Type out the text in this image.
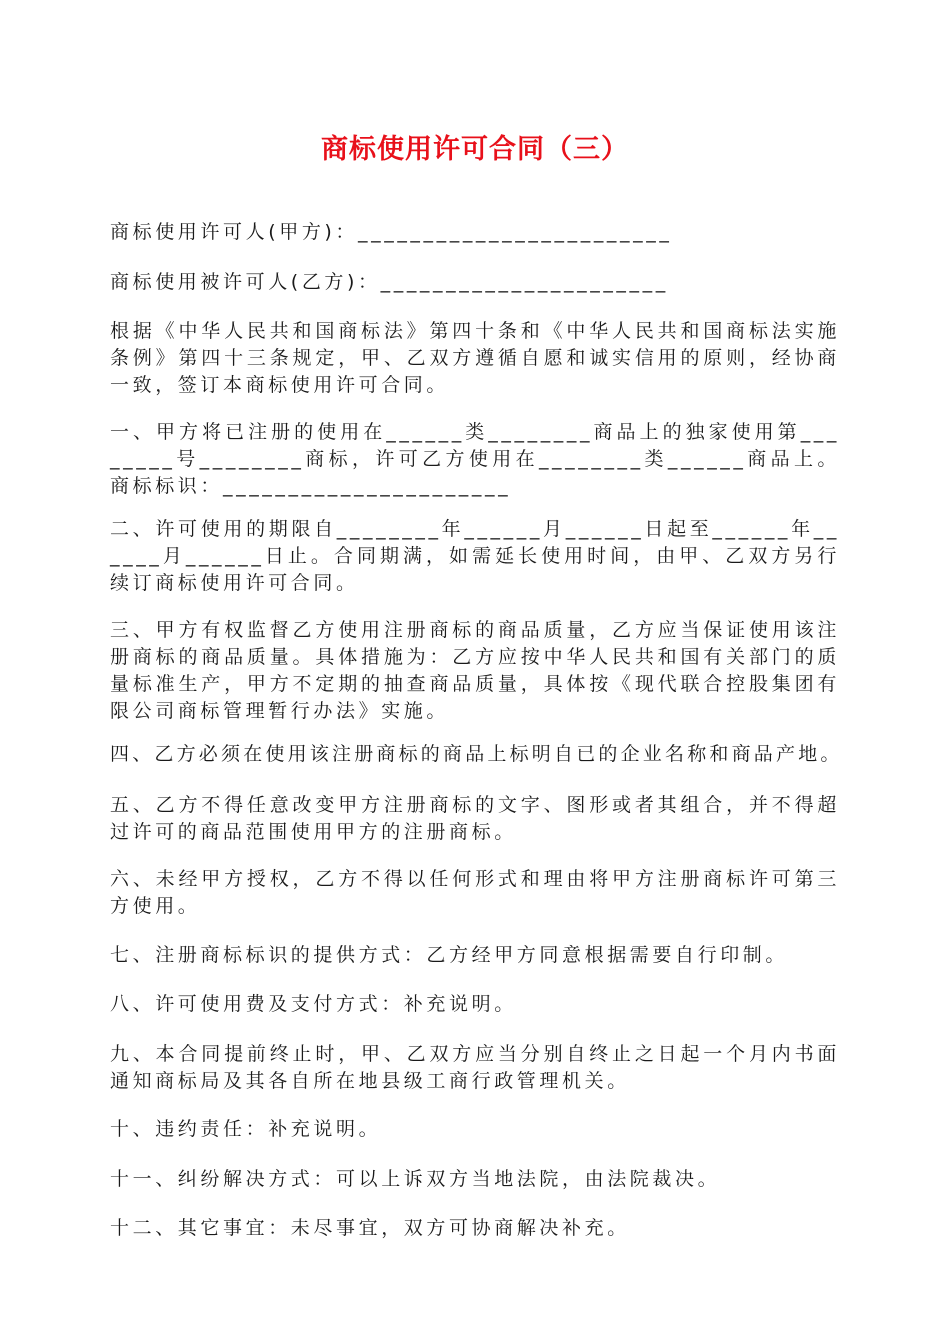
商标使用许可合同（三）
商标使用许可人(甲方)：________________________
商标使用被许可人(乙方)：______________________
根据《中华人民共和国商标法》第四十条和《中华人民共和国商标法实施条例》第四十三条规定，甲、乙双方遵循自愿和诚实信用的原则，经协商一致，签订本商标使用许可合同。
一、甲方将已注册的使用在______类________商品上的独家使用第________号________商标，许可乙方使用在________类______商品上。商标标识：______________________
二、许可使用的期限自________年______月______日起至______年______月______日止。合同期满，如需延长使用时间，由甲、乙双方另行续订商标使用许可合同。
三、甲方有权监督乙方使用注册商标的商品质量，乙方应当保证使用该注册商标的商品质量。具体措施为：乙方应按中华人民共和国有关部门的质量标准生产，甲方不定期的抽查商品质量，具体按《现代联合控股集团有限公司商标管理暂行办法》实施。
四、乙方必须在使用该注册商标的商品上标明自已的企业名称和商品产地。
五、乙方不得任意改变甲方注册商标的文字、图形或者其组合，并不得超过许可的商品范围使用甲方的注册商标。
六、未经甲方授权，乙方不得以任何形式和理由将甲方注册商标许可第三方使用。
七、注册商标标识的提供方式：乙方经甲方同意根据需要自行印制。
八、许可使用费及支付方式：补充说明。
九、本合同提前终止时，甲、乙双方应当分别自终止之日起一个月内书面通知商标局及其各自所在地县级工商行政管理机关。
十、违约责任：补充说明。
十一、纠纷解决方式：可以上诉双方当地法院，由法院裁决。
十二、其它事宜：未尽事宜，双方可协商解决补充。
